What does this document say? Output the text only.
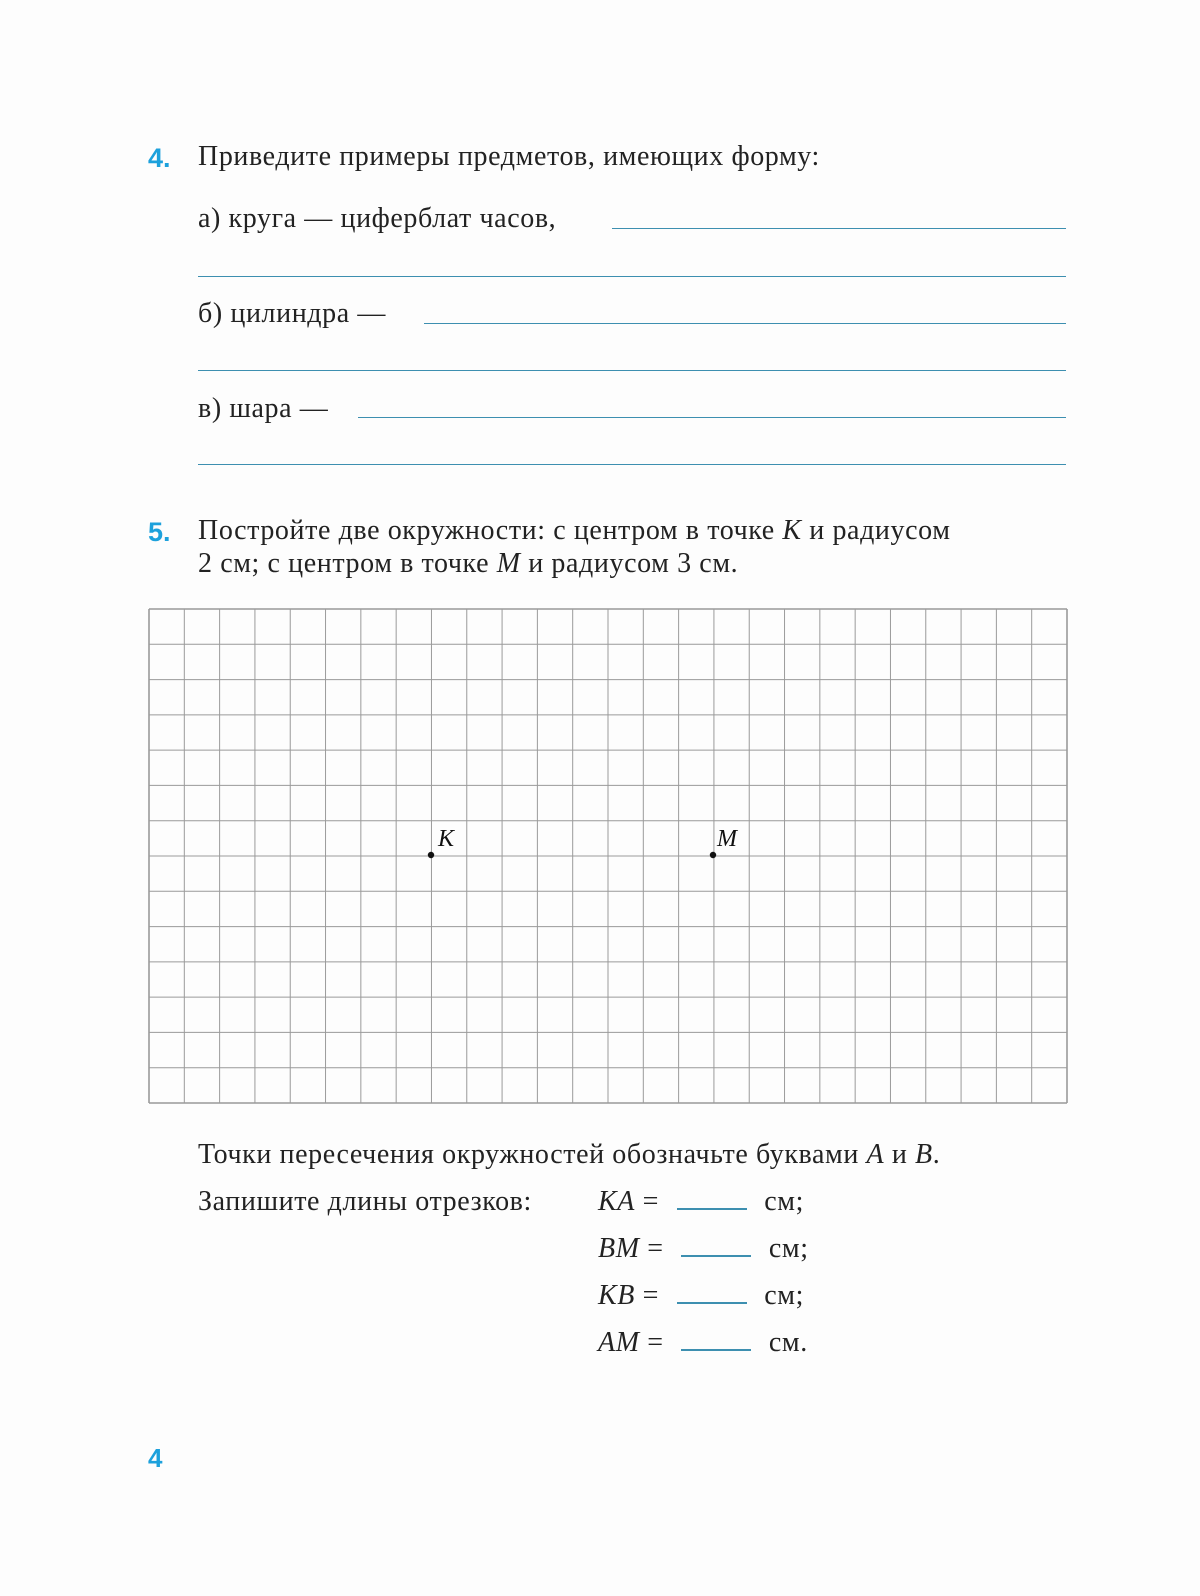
4. Приведите примеры предметов, имеющих форму:
а) круга — циферблат часов,
б) цилиндра —
в) шара —
5. Постройте две окружности: с центром в точке K и радиусом
2 см; с центром в точке M и радиусом 3 см.
K	M
Точки пересечения окружностей обозначьте буквами A и B.
Запишите длины отрезков: KA =	см;
BM =	см;
KB =	см;
AM =	см.
4
